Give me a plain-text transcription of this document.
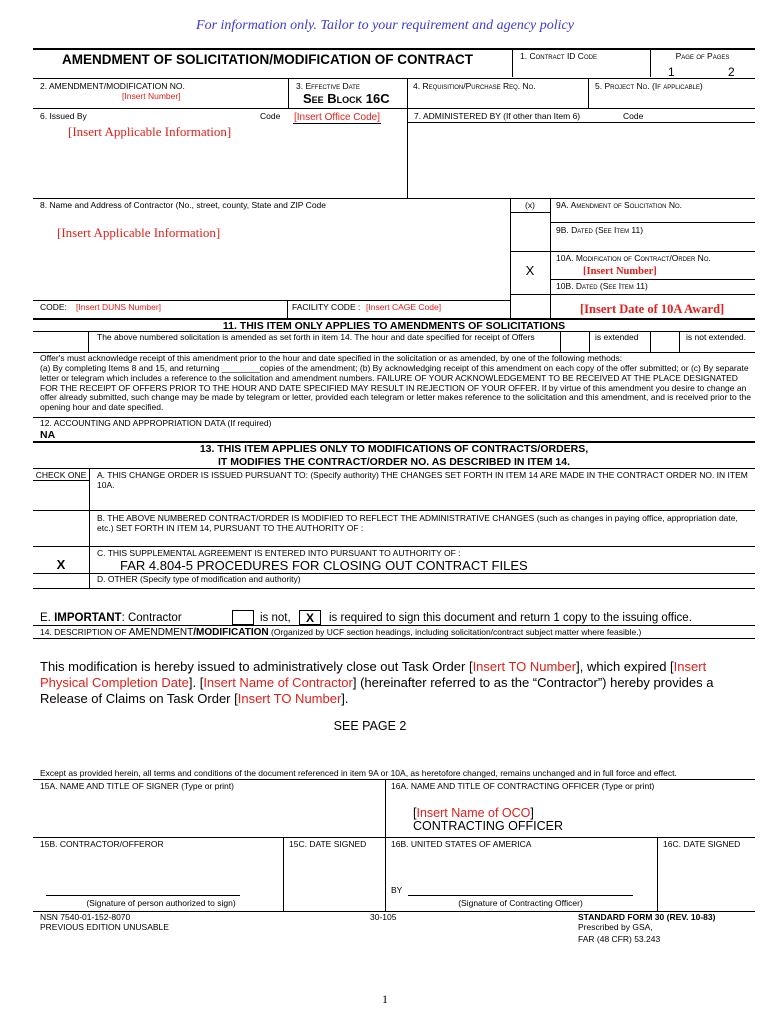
For information only. Tailor to your requirement and agency policy
AMENDMENT OF SOLICITATION/MODIFICATION OF CONTRACT	1. Contract ID Code	Page of Pages
1	2
2. AMENDMENT/MODIFICATION NO.
[Insert Number]
3. Effective Date
See Block 16C
4. Requisition/Purchase Req. No.	5. Project No. (If applicable)
6. Issued By	Code [Insert Office Code]
[Insert Applicable Information]
7. ADMINISTERED BY (If other than Item 6)	Code
8. Name and Address of Contractor (No., street, county, State and ZIP Code
[Insert Applicable Information]
(x)	9A. Amendment of Solicitation No.
9B. Dated (See Item 11)
10A. Modification of Contract/Order No.
[Insert Number]
X
10B. Dated (See Item 11)
[Insert Date of 10A Award]
CODE: [Insert DUNS Number]	FACILITY CODE : [Insert CAGE Code]
11. THIS ITEM ONLY APPLIES TO AMENDMENTS OF SOLICITATIONS
The above numbered solicitation is amended as set forth in item 14. The hour and date specified for receipt of Offers	is extended	is not extended.
Offer's must acknowledge receipt of this amendment prior to the hour and date specified in the solicitation or as amended, by one of the following methods:
(a) By completing Items 8 and 15, and returning ________copies of the amendment; (b) By acknowledging receipt of this amendment on each copy of the offer submitted; or (c) By separate letter or telegram which includes a reference to the solicitation and amendment numbers. FAILURE OF YOUR ACKNOWLEDGEMENT TO BE RECEIVED AT THE PLACE DESIGNATED FOR THE RECEIPT OF OFFERS PRIOR TO THE HOUR AND DATE SPECIFIED MAY RESULT IN REJECTION OF YOUR OFFER. If by virtue of this amendment you desire to change an offer already submitted, such change may be made by telegram or letter, provided each telegram or letter makes reference to the solicitation and this amendment, and is received prior to the opening hour and date specified.
12. ACCOUNTING AND APPROPRIATION DATA (If required)
NA
13. THIS ITEM APPLIES ONLY TO MODIFICATIONS OF CONTRACTS/ORDERS,
IT MODIFIES THE CONTRACT/ORDER NO. AS DESCRIBED IN ITEM 14.
CHECK ONE	A. THIS CHANGE ORDER IS ISSUED PURSUANT TO: (Specify authority) THE CHANGES SET FORTH IN ITEM 14 ARE MADE IN THE CONTRACT ORDER NO. IN ITEM 10A.
B. THE ABOVE NUMBERED CONTRACT/ORDER IS MODIFIED TO REFLECT THE ADMINISTRATIVE CHANGES (such as changes in paying office, appropriation date, etc.) SET FORTH IN ITEM 14, PURSUANT TO THE AUTHORITY OF :
C. THIS SUPPLEMENTAL AGREEMENT IS ENTERED INTO PURSUANT TO AUTHORITY OF :
X	FAR 4.804-5 PROCEDURES FOR CLOSING OUT CONTRACT FILES
D. OTHER (Specify type of modification and authority)
E. IMPORTANT: Contractor	is not,	X	is required to sign this document and return 1 copy to the issuing office.
14. DESCRIPTION OF AMENDMENT/MODIFICATION (Organized by UCF section headings, including solicitation/contract subject matter where feasible.)
This modification is hereby issued to administratively close out Task Order [Insert TO Number], which expired [Insert Physical Completion Date]. [Insert Name of Contractor] (hereinafter referred to as the “Contractor”) hereby provides a Release of Claims on Task Order [Insert TO Number].
SEE PAGE 2
Except as provided herein, all terms and conditions of the document referenced in item 9A or 10A, as heretofore changed, remains unchanged and in full force and effect.
15A. NAME AND TITLE OF SIGNER (Type or print)	16A. NAME AND TITLE OF CONTRACTING OFFICER (Type or print)
[Insert Name of OCO]
CONTRACTING OFFICER
15B. CONTRACTOR/OFFEROR	15C. DATE SIGNED	16B. UNITED STATES OF AMERICA	16C. DATE SIGNED
BY
(Signature of person authorized to sign)	(Signature of Contracting Officer)
NSN 7540-01-152-8070
PREVIOUS EDITION UNUSABLE
30-105	STANDARD FORM 30 (REV. 10-83)
Prescribed by GSA,
FAR (48 CFR) 53.243
1
